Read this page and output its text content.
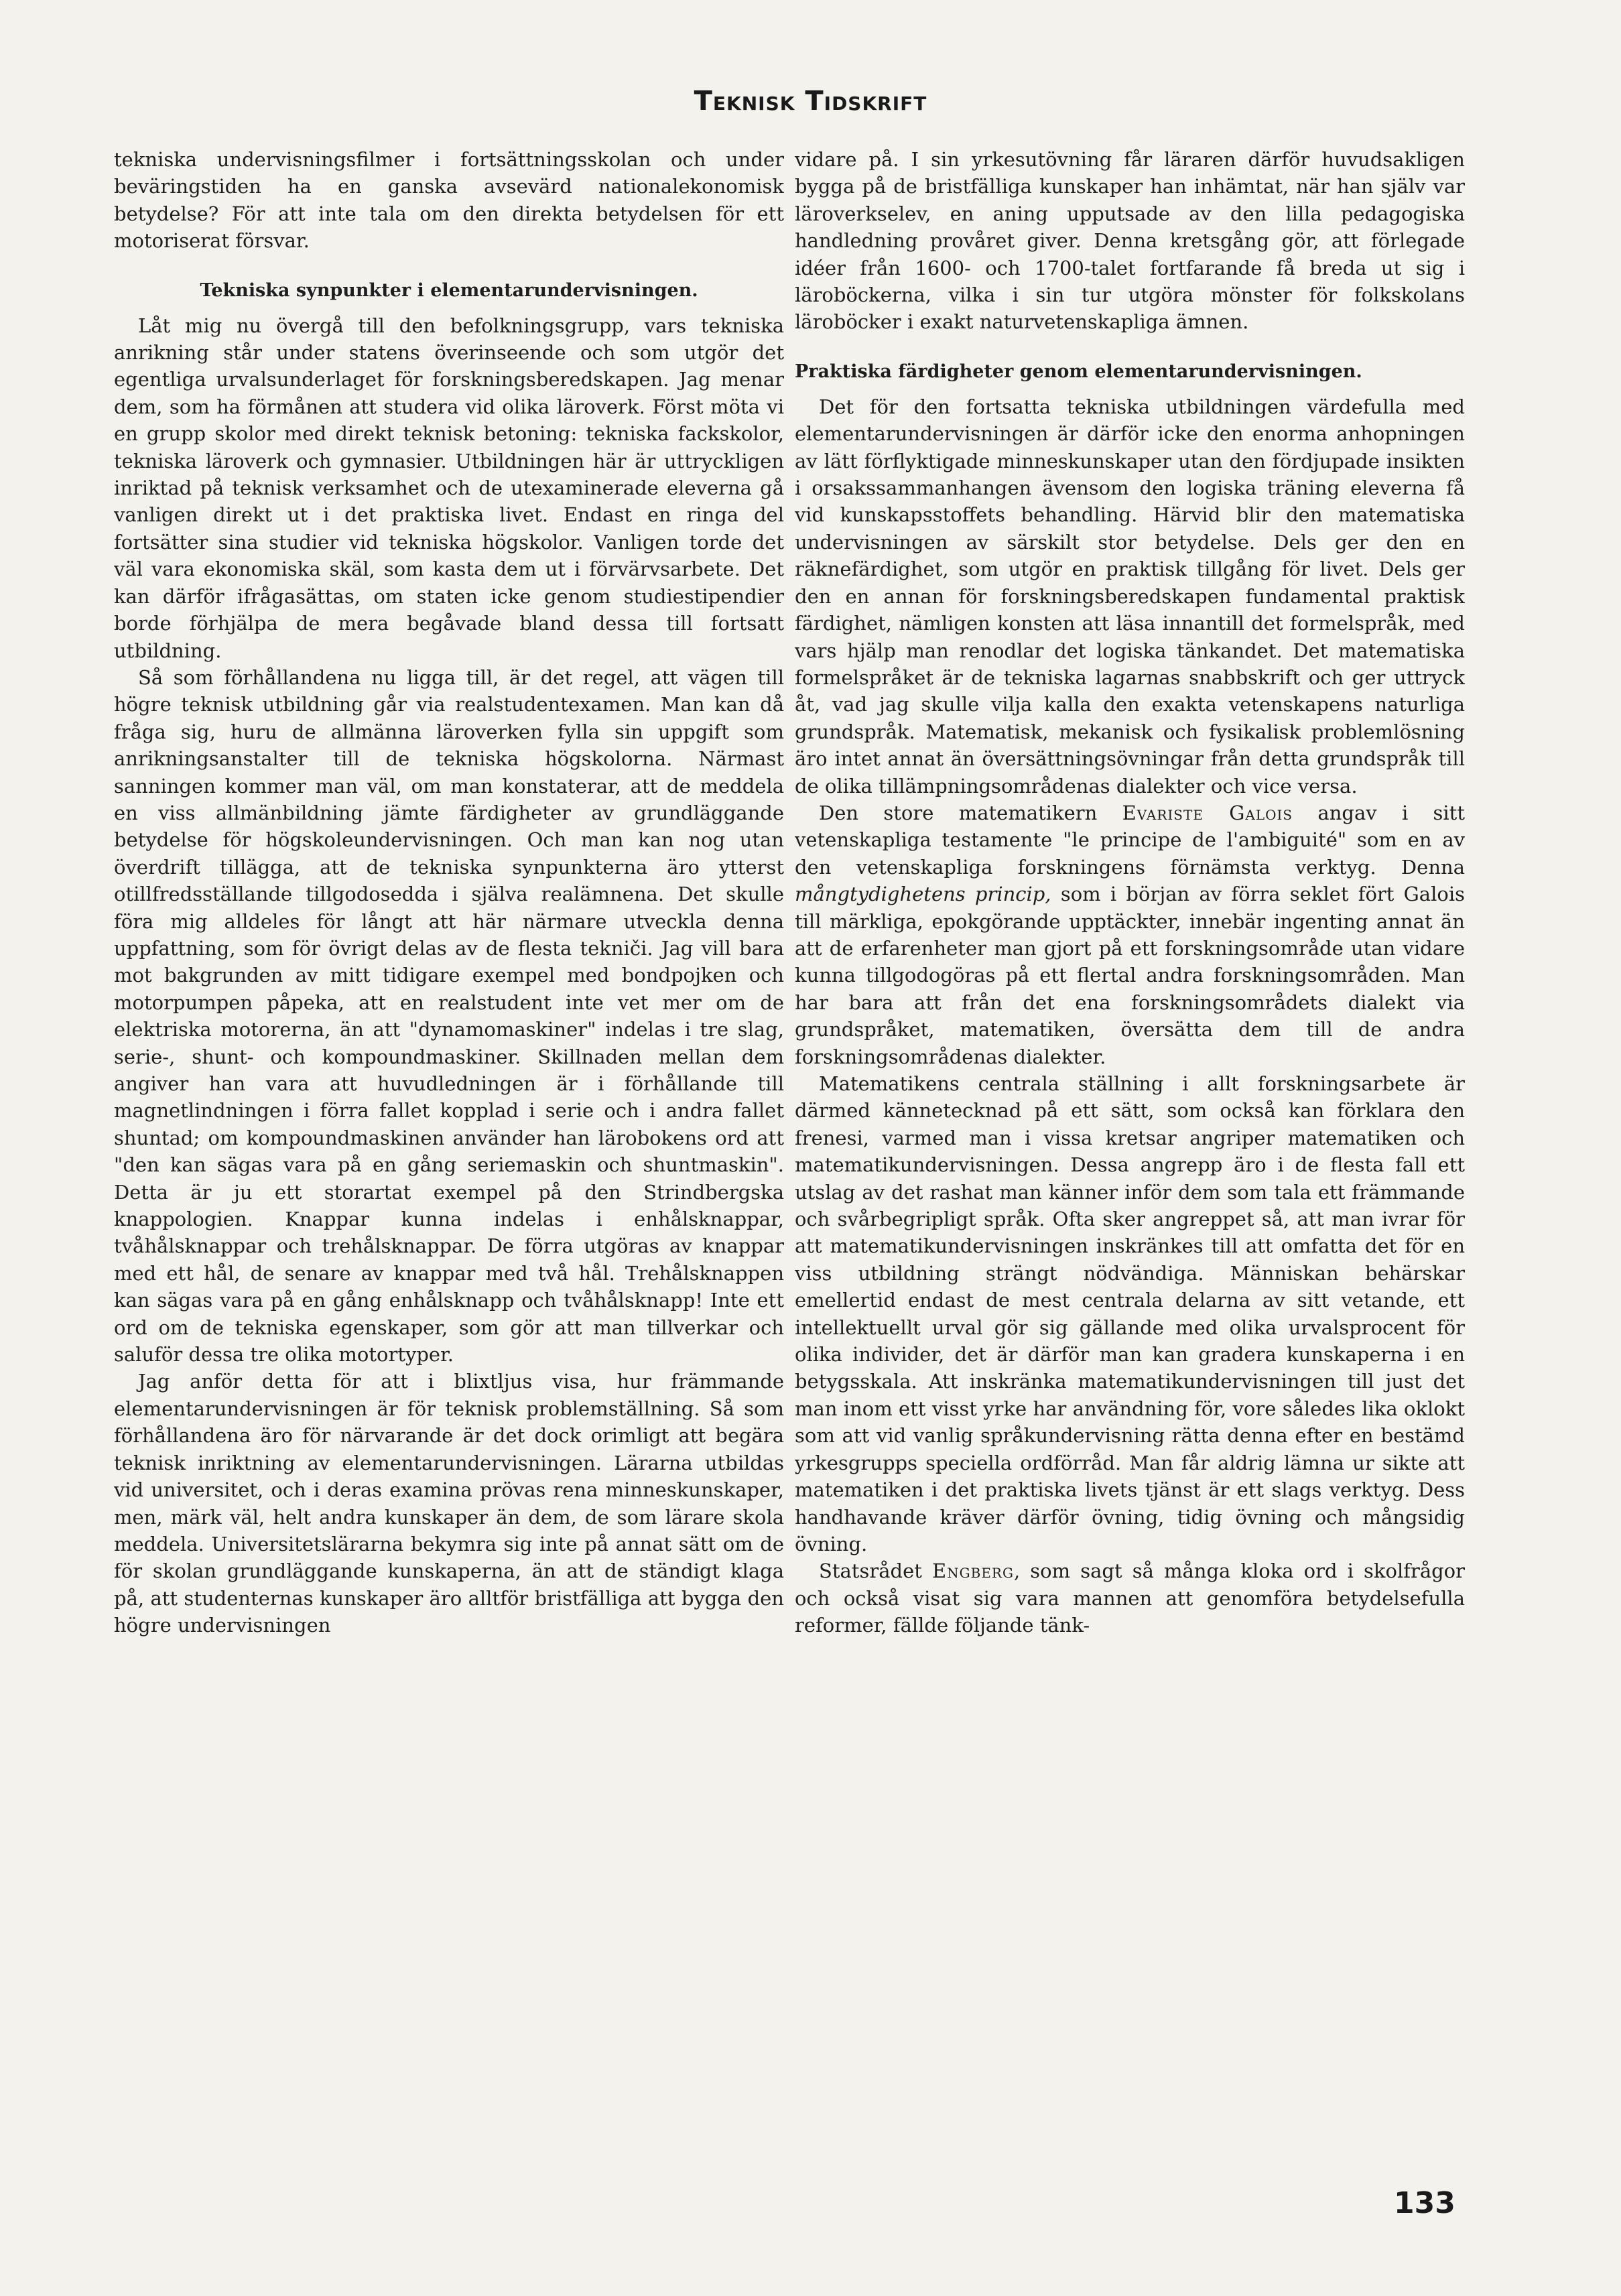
Teknisk Tidskrift

tekniska undervisningsfilmer i fortsättningsskolan och under beväringstiden ha en ganska avsevärd nationalekonomisk betydelse? För att inte tala om den direkta betydelsen för ett motoriserat försvar.

Tekniska synpunkter i elementarundervisningen.

Låt mig nu övergå till den befolkningsgrupp, vars tekniska anrikning står under statens överinseende och som utgör det egentliga urvalsunderlaget för forskningsberedskapen. Jag menar dem, som ha förmånen att studera vid olika läroverk. Först möta vi en grupp skolor med direkt teknisk betoning: tekniska fackskolor, tekniska läroverk och gymnasier. Utbildningen här är uttryckligen inriktad på teknisk verksamhet och de utexaminerade eleverna gå vanligen direkt ut i det praktiska livet. Endast en ringa del fortsätter sina studier vid tekniska högskolor. Vanligen torde det väl vara ekonomiska skäl, som kasta dem ut i förvärvsarbete. Det kan därför ifrågasättas, om staten icke genom studiestipendier borde förhjälpa de mera begåvade bland dessa till fortsatt utbildning.

Så som förhållandena nu ligga till, är det regel, att vägen till högre teknisk utbildning går via realstudentexamen. Man kan då fråga sig, huru de allmänna läroverken fylla sin uppgift som anrikningsanstalter till de tekniska högskolorna. Närmast sanningen kommer man väl, om man konstaterar, att de meddela en viss allmänbildning jämte färdigheter av grundläggande betydelse för högskoleundervisningen. Och man kan nog utan överdrift tillägga, att de tekniska synpunkterna äro ytterst otillfredsställande tillgodosedda i själva realämnena. Det skulle föra mig alldeles för långt att här närmare utveckla denna uppfattning, som för övrigt delas av de flesta tekniči. Jag vill bara mot bakgrunden av mitt tidigare exempel med bondpojken och motorpumpen påpeka, att en realstudent inte vet mer om de elektriska motorerna, än att "dynamomaskiner" indelas i tre slag, serie-, shunt- och kompoundmaskiner. Skillnaden mellan dem angiver han vara att huvudledningen är i förhållande till magnetlindningen i förra fallet kopplad i serie och i andra fallet shuntad; om kompoundmaskinen använder han lärobokens ord att "den kan sägas vara på en gång seriemaskin och shuntmaskin". Detta är ju ett storartat exempel på den Strindbergska knappologien. Knappar kunna indelas i enhålsknappar, tvåhålsknappar och trehålsknappar. De förra utgöras av knappar med ett hål, de senare av knappar med två hål. Trehålsknappen kan sägas vara på en gång enhålsknapp och tvåhålsknapp! Inte ett ord om de tekniska egenskaper, som gör att man tillverkar och saluför dessa tre olika motortyper.

Jag anför detta för att i blixtljus visa, hur främmande elementarundervisningen är för teknisk problemställning. Så som förhållandena äro för närvarande är det dock orimligt att begära teknisk inriktning av elementarundervisningen. Lärarna utbildas vid universitet, och i deras examina prövas rena minneskunskaper, men, märk väl, helt andra kunskaper än dem, de som lärare skola meddela. Universitetslärarna bekymra sig inte på annat sätt om de för skolan grundläggande kunskaperna, än att de ständigt klaga på, att studenternas kunskaper äro alltför bristfälliga att bygga den högre undervisningen

vidare på. I sin yrkesutövning får läraren därför huvudsakligen bygga på de bristfälliga kunskaper han inhämtat, när han själv var läroverkselev, en aning upputsade av den lilla pedagogiska handledning provåret giver. Denna kretsgång gör, att förlegade idéer från 1600- och 1700-talet fortfarande få breda ut sig i läroböckerna, vilka i sin tur utgöra mönster för folkskolans läroböcker i exakt naturvetenskapliga ämnen.

Praktiska färdigheter genom elementarundervisningen.

Det för den fortsatta tekniska utbildningen värdefulla med elementarundervisningen är därför icke den enorma anhopningen av lätt förflyktigade minneskunskaper utan den fördjupade insikten i orsakssammanhangen ävensom den logiska träning eleverna få vid kunskapsstoffets behandling. Härvid blir den matematiska undervisningen av särskilt stor betydelse. Dels ger den en räknefärdighet, som utgör en praktisk tillgång för livet. Dels ger den en annan för forskningsberedskapen fundamental praktisk färdighet, nämligen konsten att läsa innantill det formelspråk, med vars hjälp man renodlar det logiska tänkandet. Det matematiska formelspråket är de tekniska lagarnas snabbskrift och ger uttryck åt, vad jag skulle vilja kalla den exakta vetenskapens naturliga grundspråk. Matematisk, mekanisk och fysikalisk problemlösning äro intet annat än översättningsövningar från detta grundspråk till de olika tillämpningsområdenas dialekter och vice versa.

Den store matematikern Evariste Galois angav i sitt vetenskapliga testamente "le principe de l'ambiguité" som en av den vetenskapliga forskningens förnämsta verktyg. Denna mångtydighetens princip, som i början av förra seklet fört Galois till märkliga, epokgörande upptäckter, innebär ingenting annat än att de erfarenheter man gjort på ett forskningsområde utan vidare kunna tillgodogöras på ett flertal andra forskningsområden. Man har bara att från det ena forskningsområdets dialekt via grundspråket, matematiken, översätta dem till de andra forskningsområdenas dialekter.

Matematikens centrala ställning i allt forskningsarbete är därmed känneteсknad på ett sätt, som också kan förklara den frenesi, varmed man i vissa kretsar angriper matematiken och matematikundervisningen. Dessa angrepp äro i de flesta fall ett utslag av det rashat man känner inför dem som tala ett främmande och svårbegripligt språk. Ofta sker angreppet så, att man ivrar för att matematikundervisningen inskränkes till att omfatta det för en viss utbildning strängt nödvändiga. Människan behärskar emellertid endast de mest centrala delarna av sitt vetande, ett intellektuellt urval gör sig gällande med olika urvalsprocent för olika individer, det är därför man kan gradera kunskaperna i en betygsskala. Att inskränka matematikundervisningen till just det man inom ett visst yrke har användning för, vore således lika oklokt som att vid vanlig språkundervisning rätta denna efter en bestämd yrkesgrupps speciella ordförråd. Man får aldrig lämna ur sikte att matematiken i det praktiska livets tjänst är ett slags verktyg. Dess handhavande kräver därför övning, tidig övning och mångsidig övning.

Statsrådet Engberg, som sagt så många kloka ord i skolfrågor och också visat sig vara mannen att genomföra betydelsefulla reformer, fällde följande tänk-

133
